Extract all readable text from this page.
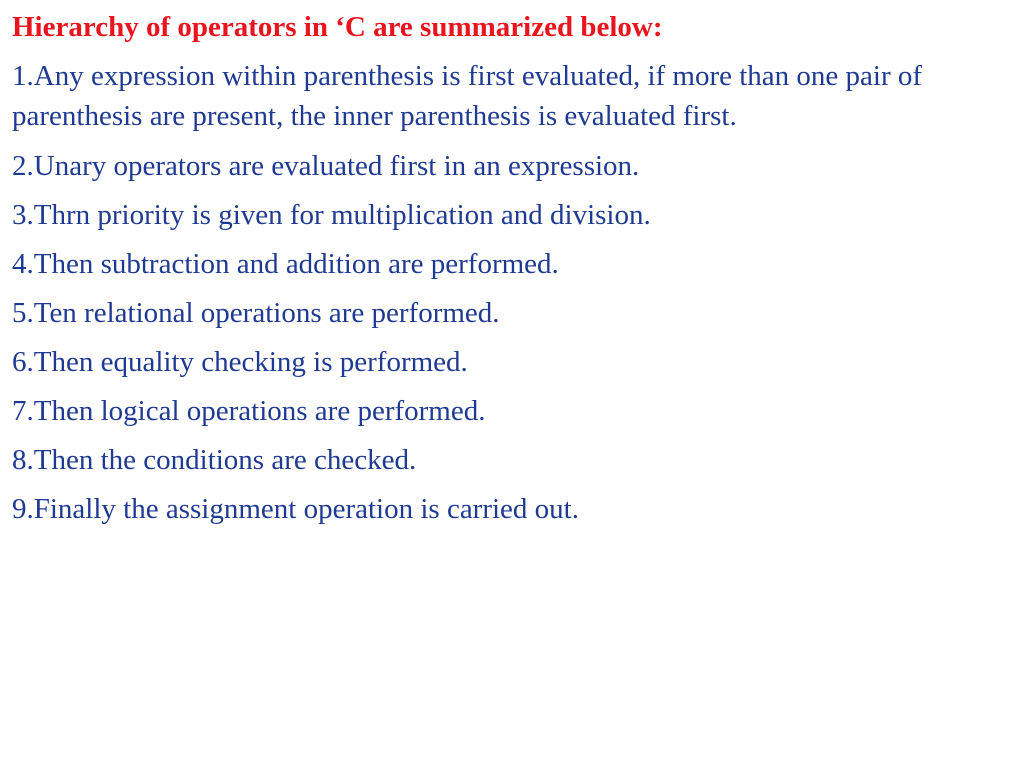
Hierarchy of operators in ‘C are summarized below:
1.Any expression within parenthesis is first evaluated, if more than one pair of parenthesis are present, the inner parenthesis is evaluated first.
2.Unary operators are evaluated first in an expression.
3.Thrn priority is given for multiplication and division.
4.Then subtraction and addition are performed.
5.Ten relational operations are performed.
6.Then equality checking is performed.
7.Then logical operations are performed.
8.Then the conditions are checked.
9.Finally the assignment operation is carried out.
